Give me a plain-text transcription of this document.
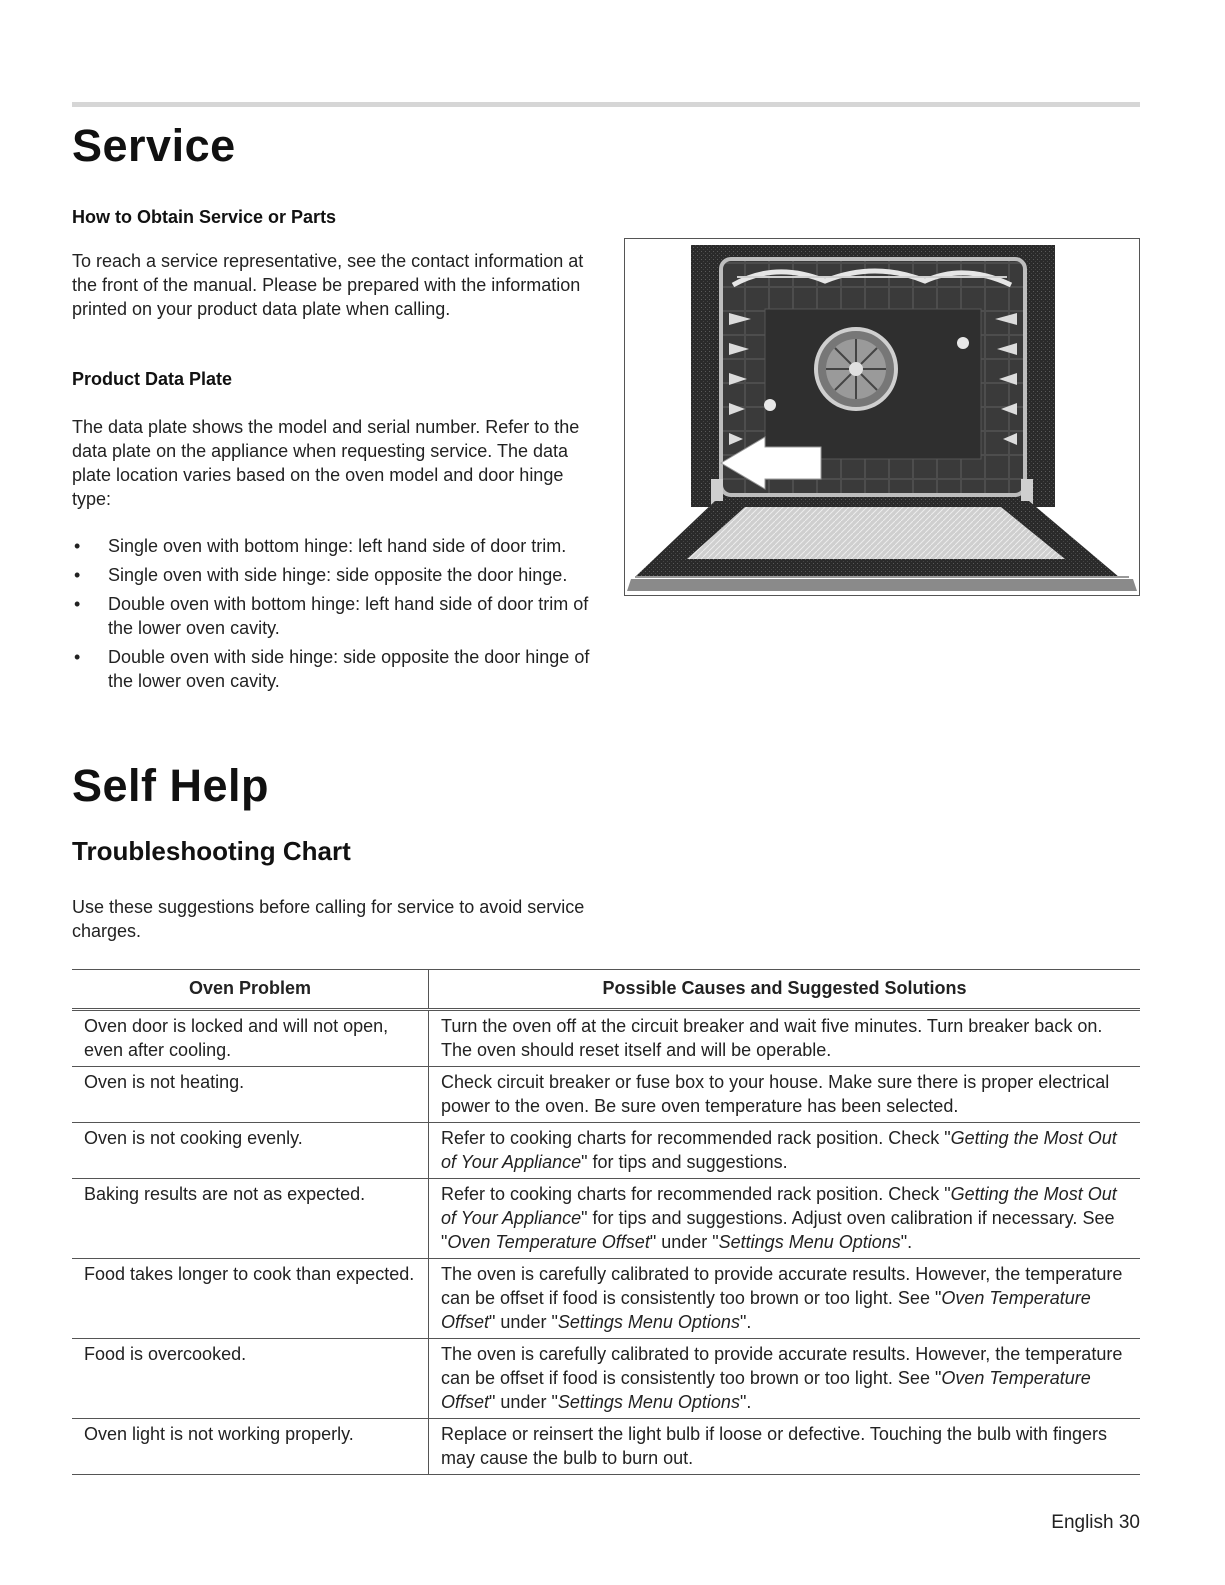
Service
How to Obtain Service or Parts

To reach a service representative, see the contact information at the front of the manual. Please be prepared with the information printed on your product data plate when calling.

Product Data Plate

The data plate shows the model and serial number. Refer to the data plate on the appliance when requesting service. The data plate location varies based on the oven model and door hinge type:

• Single oven with bottom hinge: left hand side of door trim.
• Single oven with side hinge: side opposite the door hinge.
• Double oven with bottom hinge: left hand side of door trim of the lower oven cavity.
• Double oven with side hinge: side opposite the door hinge of the lower oven cavity.
Self Help
Troubleshooting Chart

Use these suggestions before calling for service to avoid service charges.

Oven Problem	Possible Causes and Suggested Solutions
Oven door is locked and will not open, even after cooling.	Turn the oven off at the circuit breaker and wait five minutes. Turn breaker back on. The oven should reset itself and will be operable.
Oven is not heating.	Check circuit breaker or fuse box to your house. Make sure there is proper electrical power to the oven. Be sure oven temperature has been selected.
Oven is not cooking evenly.	Refer to cooking charts for recommended rack position. Check "Getting the Most Out of Your Appliance" for tips and suggestions.
Baking results are not as expected.	Refer to cooking charts for recommended rack position. Check "Getting the Most Out of Your Appliance" for tips and suggestions. Adjust oven calibration if necessary. See "Oven Temperature Offset" under "Settings Menu Options".
Food takes longer to cook than expected.	The oven is carefully calibrated to provide accurate results. However, the temperature can be offset if food is consistently too brown or too light. See "Oven Temperature Offset" under "Settings Menu Options".
Food is overcooked.	The oven is carefully calibrated to provide accurate results. However, the temperature can be offset if food is consistently too brown or too light. See "Oven Temperature Offset" under "Settings Menu Options".
Oven light is not working properly.	Replace or reinsert the light bulb if loose or defective. Touching the bulb with fingers may cause the bulb to burn out.
English 30
